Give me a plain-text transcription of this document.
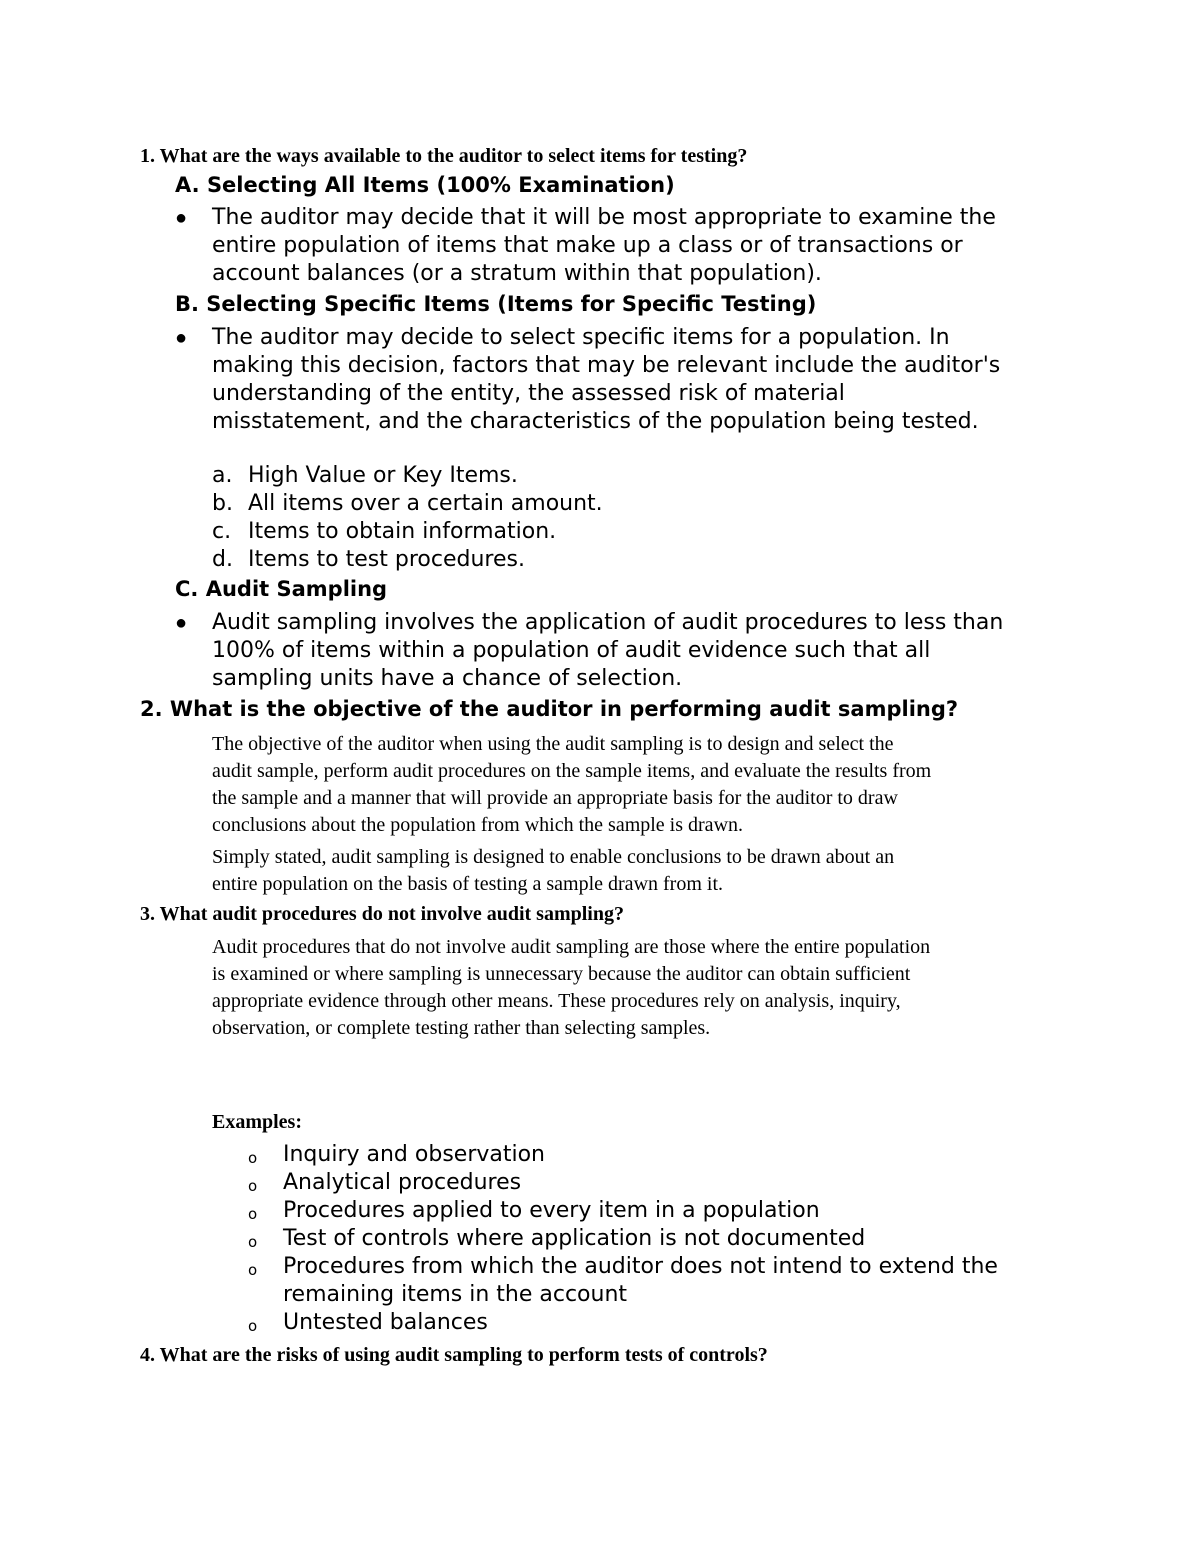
1. What are the ways available to the auditor to select items for testing?
A. Selecting All Items (100% Examination)
● The auditor may decide that it will be most appropriate to examine the
entire population of items that make up a class or of transactions or
account balances (or a stratum within that population).
B. Selecting Specific Items (Items for Specific Testing)
● The auditor may decide to select specific items for a population. In
making this decision, factors that may be relevant include the auditor's
understanding of the entity, the assessed risk of material
misstatement, and the characteristics of the population being tested.
a. High Value or Key Items.
b. All items over a certain amount.
c. Items to obtain information.
d. Items to test procedures.
C. Audit Sampling
● Audit sampling involves the application of audit procedures to less than
100% of items within a population of audit evidence such that all
sampling units have a chance of selection.
2. What is the objective of the auditor in performing audit sampling?
The objective of the auditor when using the audit sampling is to design and select the
audit sample, perform audit procedures on the sample items, and evaluate the results from
the sample and a manner that will provide an appropriate basis for the auditor to draw
conclusions about the population from which the sample is drawn.
Simply stated, audit sampling is designed to enable conclusions to be drawn about an
entire population on the basis of testing a sample drawn from it.
3. What audit procedures do not involve audit sampling?
Audit procedures that do not involve audit sampling are those where the entire population
is examined or where sampling is unnecessary because the auditor can obtain sufficient
appropriate evidence through other means. These procedures rely on analysis, inquiry,
observation, or complete testing rather than selecting samples.
Examples:
o Inquiry and observation
o Analytical procedures
o Procedures applied to every item in a population
o Test of controls where application is not documented
o Procedures from which the auditor does not intend to extend the
remaining items in the account
o Untested balances
4. What are the risks of using audit sampling to perform tests of controls?
